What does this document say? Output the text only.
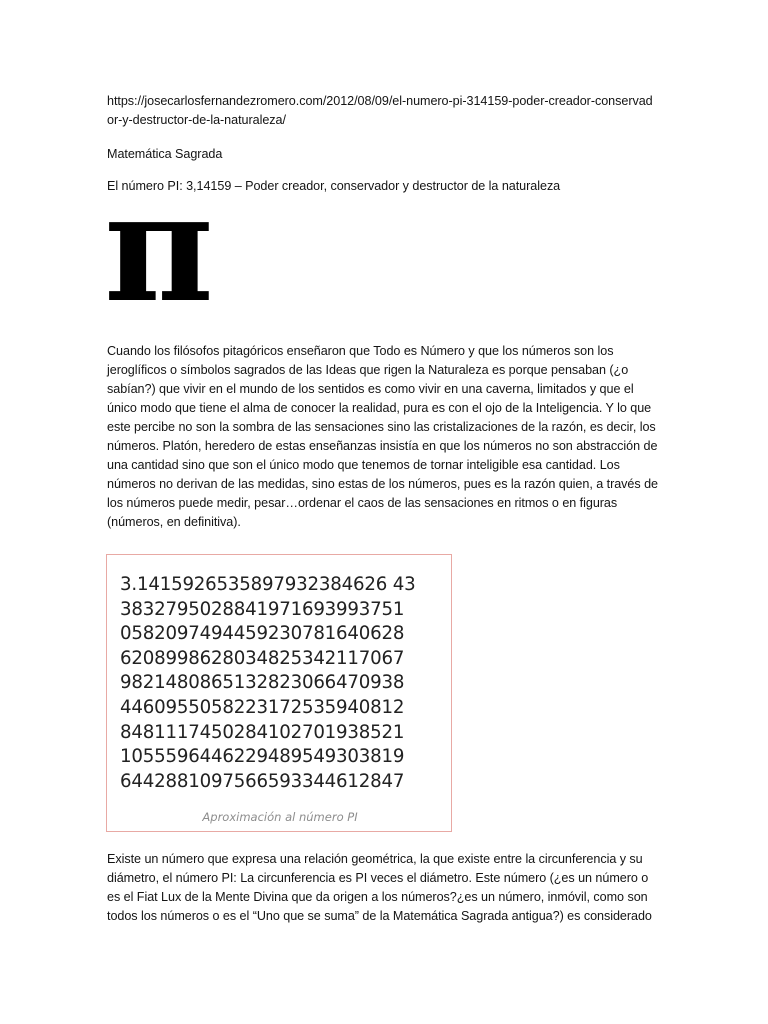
https://josecarlosfernandezromero.com/2012/08/09/el-numero-pi-314159-poder-creador-conservador-y-destructor-de-la-naturaleza/

Matemática Sagrada

El número PI: 3,14159 – Poder creador, conservador y destructor de la naturaleza

π

Cuando los filósofos pitagóricos enseñaron que Todo es Número y que los números son los jeroglíficos o símbolos sagrados de las Ideas que rigen la Naturaleza es porque pensaban (¿o sabían?) que vivir en el mundo de los sentidos es como vivir en una caverna, limitados y que el único modo que tiene el alma de conocer la realidad, pura es con el ojo de la Inteligencia. Y lo que este percibe no son la sombra de las sensaciones sino las cristalizaciones de la razón, es decir, los números. Platón, heredero de estas enseñanzas insistía en que los números no son abstracción de una cantidad sino que son el único modo que tenemos de tornar inteligible esa cantidad. Los números no derivan de las medidas, sino estas de los números, pues es la razón quien, a través de los números puede medir, pesar…ordenar el caos de las sensaciones en ritmos o en figuras (números, en definitiva).

3.1415926535897932384626 43
3832795028841971693993751
0582097494459230781640628
6208998628034825342117067
9821480865132823066470938
4460955058223172535940812
8481117450284102701938521
1055596446229489549303819
6442881097566593344612847
Aproximación al número PI

Existe un número que expresa una relación geométrica, la que existe entre la circunferencia y su diámetro, el número PI: La circunferencia es PI veces el diámetro. Este número (¿es un número o es el Fiat Lux de la Mente Divina que da origen a los números?¿es un número, inmóvil, como son todos los números o es el “Uno que se suma” de la Matemática Sagrada antigua?) es considerado
